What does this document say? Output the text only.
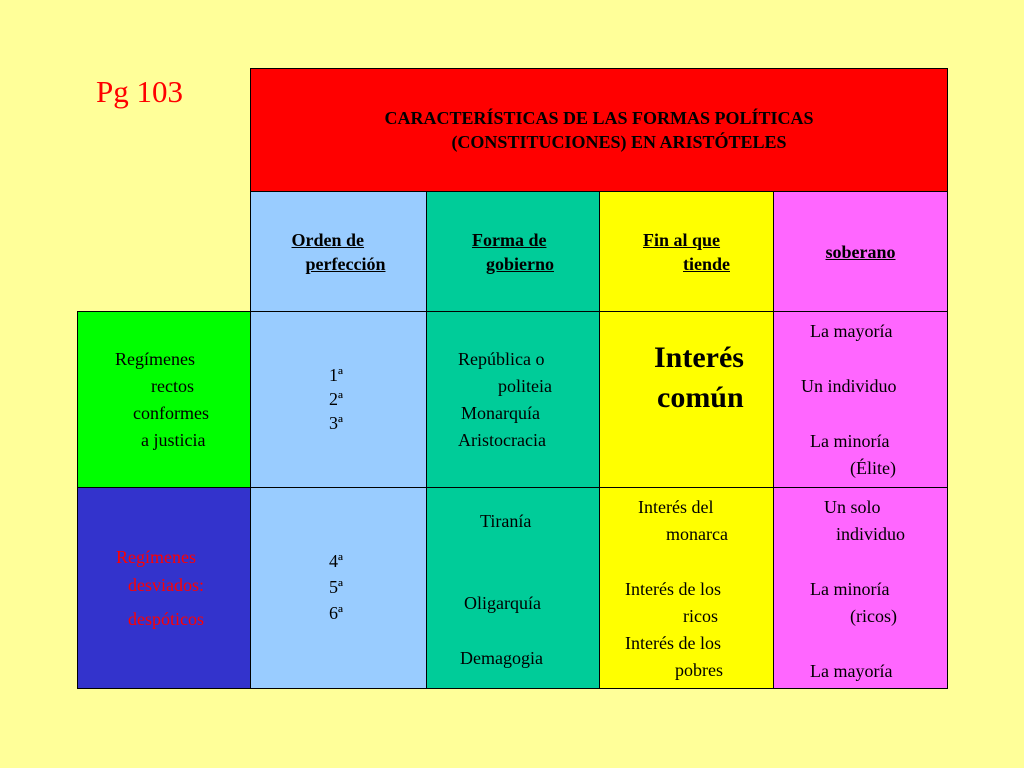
Pg 103
CARACTERÍSTICAS DE LAS FORMAS POLÍTICAS
(CONSTITUCIONES) EN ARISTÓTELES
Orden de
perfección
Forma de
gobierno
Fin al que
tiende
soberano
Regímenes
rectos
conformes
a justicia
1ª
2ª
3ª
República o
politeia
Monarquía
Aristocracia
Interés
común
La mayoría
Un individuo
La minoría
(Élite)
Regímenes
desviados:
despóticos
4ª
5ª
6ª
Tiranía
Oligarquía
Demagogia
Interés del
monarca
Interés de los
ricos
Interés de los
pobres
Un solo
individuo
La minoría
(ricos)
La mayoría
